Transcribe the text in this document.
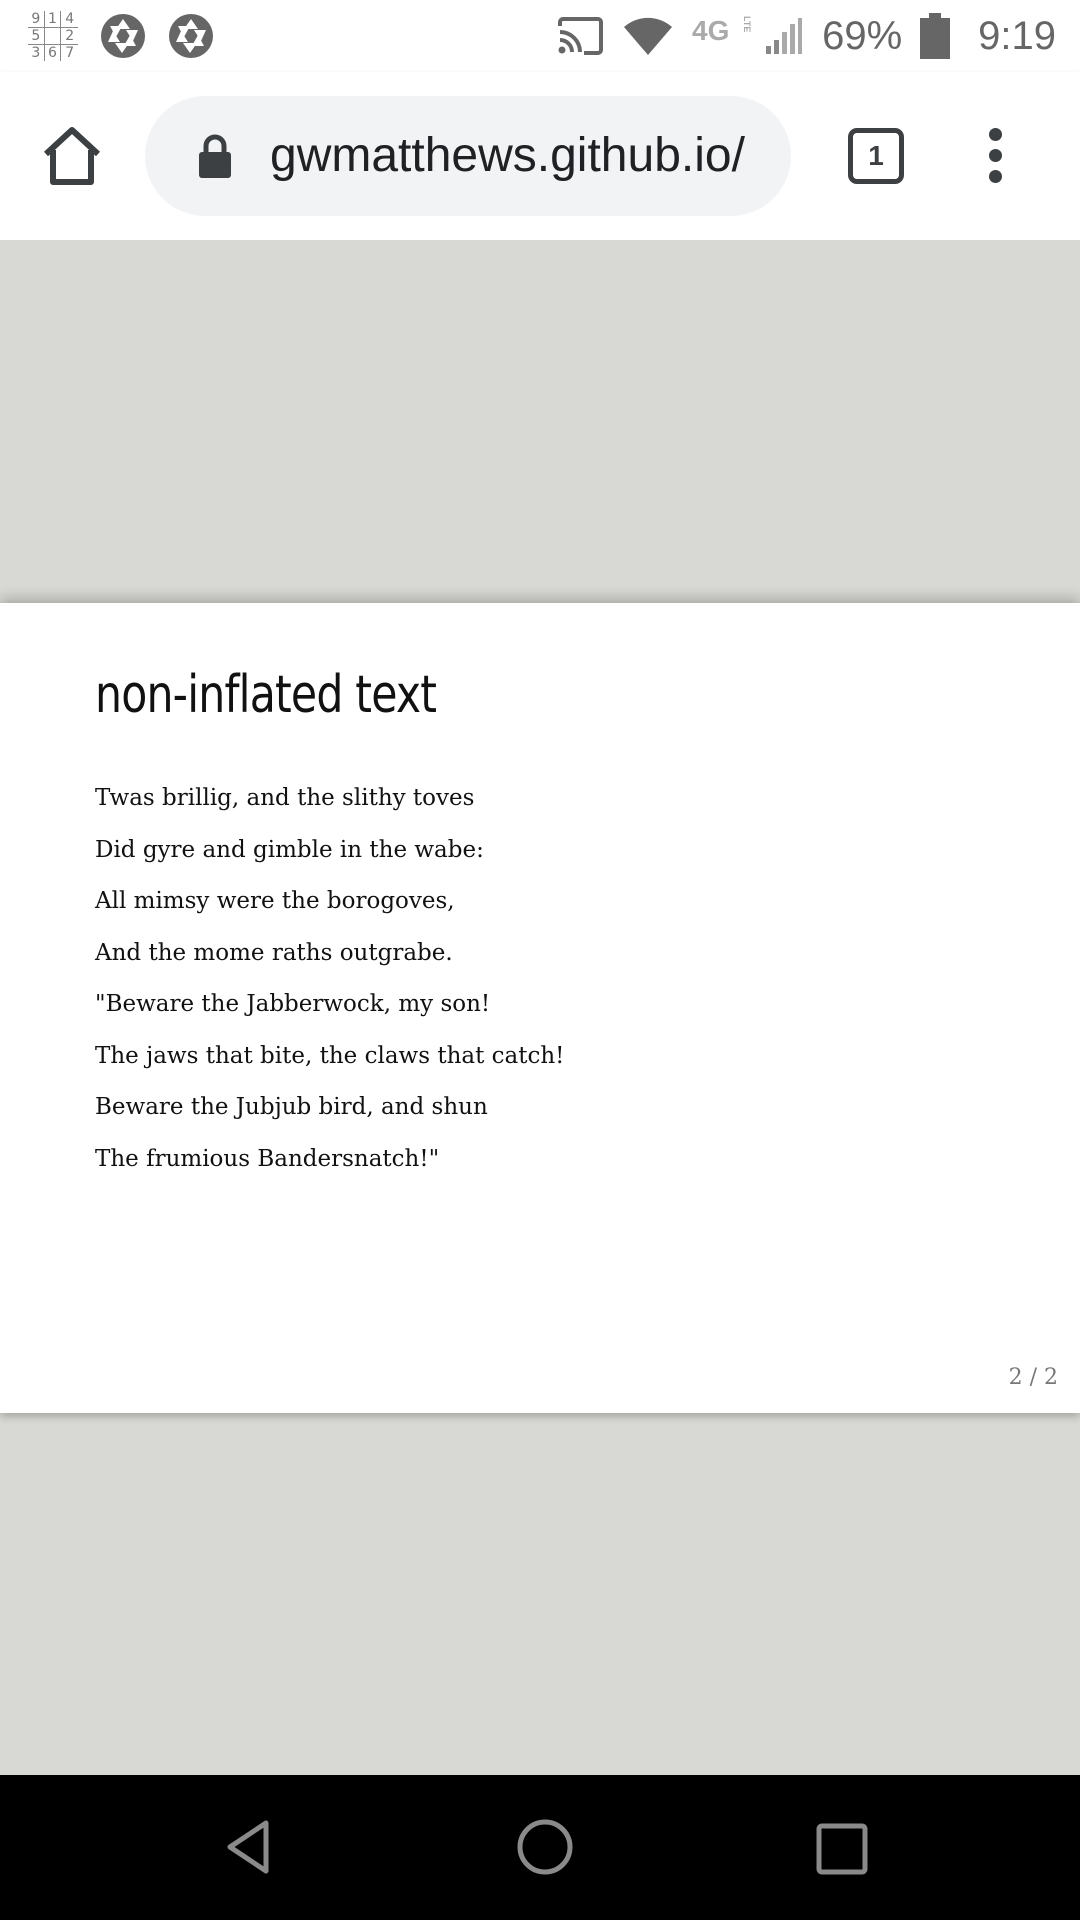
9 1 4
5	2
3 6 7
4G LTE 69% 9:19
gwmatthews.github.io/	1
non-inflated text
Twas brillig, and the slithy toves
Did gyre and gimble in the wabe:
All mimsy were the borogoves,
And the mome raths outgrabe.
"Beware the Jabberwock, my son!
The jaws that bite, the claws that catch!
Beware the Jubjub bird, and shun
The frumious Bandersnatch!"
2 / 2
